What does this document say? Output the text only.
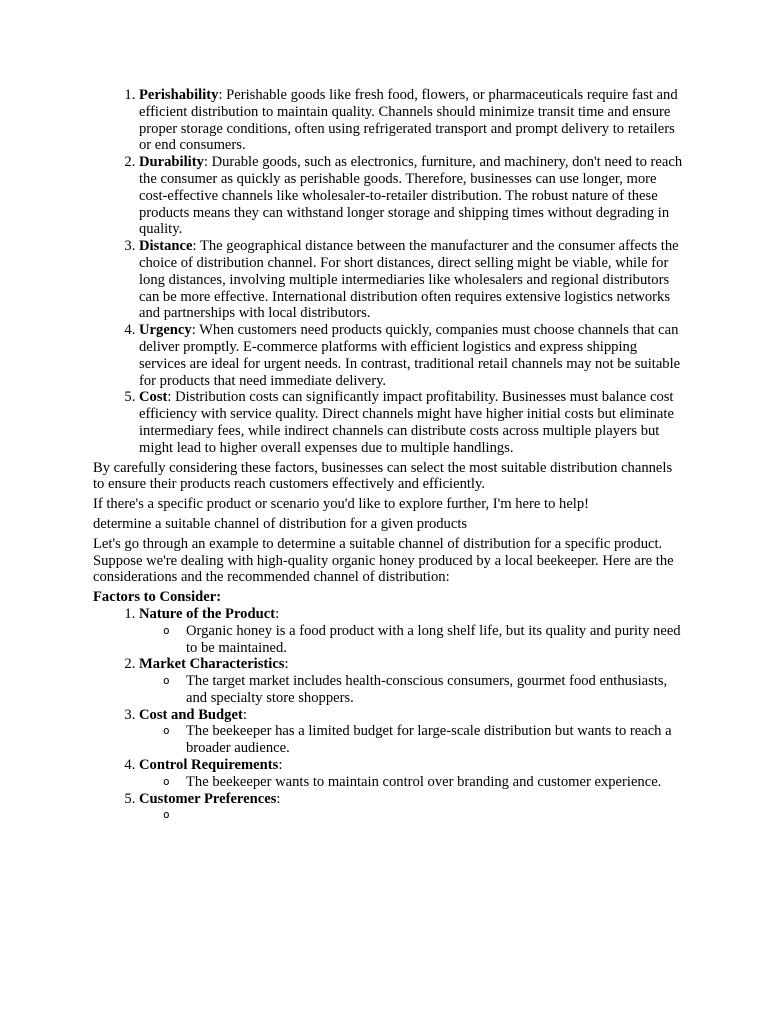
1. Perishability: Perishable goods like fresh food, flowers, or pharmaceuticals require fast and efficient distribution to maintain quality. Channels should minimize transit time and ensure proper storage conditions, often using refrigerated transport and prompt delivery to retailers or end consumers.
2. Durability: Durable goods, such as electronics, furniture, and machinery, don't need to reach the consumer as quickly as perishable goods. Therefore, businesses can use longer, more cost-effective channels like wholesaler-to-retailer distribution. The robust nature of these products means they can withstand longer storage and shipping times without degrading in quality.
3. Distance: The geographical distance between the manufacturer and the consumer affects the choice of distribution channel. For short distances, direct selling might be viable, while for long distances, involving multiple intermediaries like wholesalers and regional distributors can be more effective. International distribution often requires extensive logistics networks and partnerships with local distributors.
4. Urgency: When customers need products quickly, companies must choose channels that can deliver promptly. E-commerce platforms with efficient logistics and express shipping services are ideal for urgent needs. In contrast, traditional retail channels may not be suitable for products that need immediate delivery.
5. Cost: Distribution costs can significantly impact profitability. Businesses must balance cost efficiency with service quality. Direct channels might have higher initial costs but eliminate intermediary fees, while indirect channels can distribute costs across multiple players but might lead to higher overall expenses due to multiple handlings.

By carefully considering these factors, businesses can select the most suitable distribution channels to ensure their products reach customers effectively and efficiently.

If there's a specific product or scenario you'd like to explore further, I'm here to help!

determine a suitable channel of distribution for a given products

Let's go through an example to determine a suitable channel of distribution for a specific product. Suppose we're dealing with high-quality organic honey produced by a local beekeeper. Here are the considerations and the recommended channel of distribution:

Factors to Consider:

1. Nature of the Product:
o Organic honey is a food product with a long shelf life, but its quality and purity need to be maintained.
2. Market Characteristics:
o The target market includes health-conscious consumers, gourmet food enthusiasts, and specialty store shoppers.
3. Cost and Budget:
o The beekeeper has a limited budget for large-scale distribution but wants to reach a broader audience.
4. Control Requirements:
o The beekeeper wants to maintain control over branding and customer experience.
5. Customer Preferences:
o
